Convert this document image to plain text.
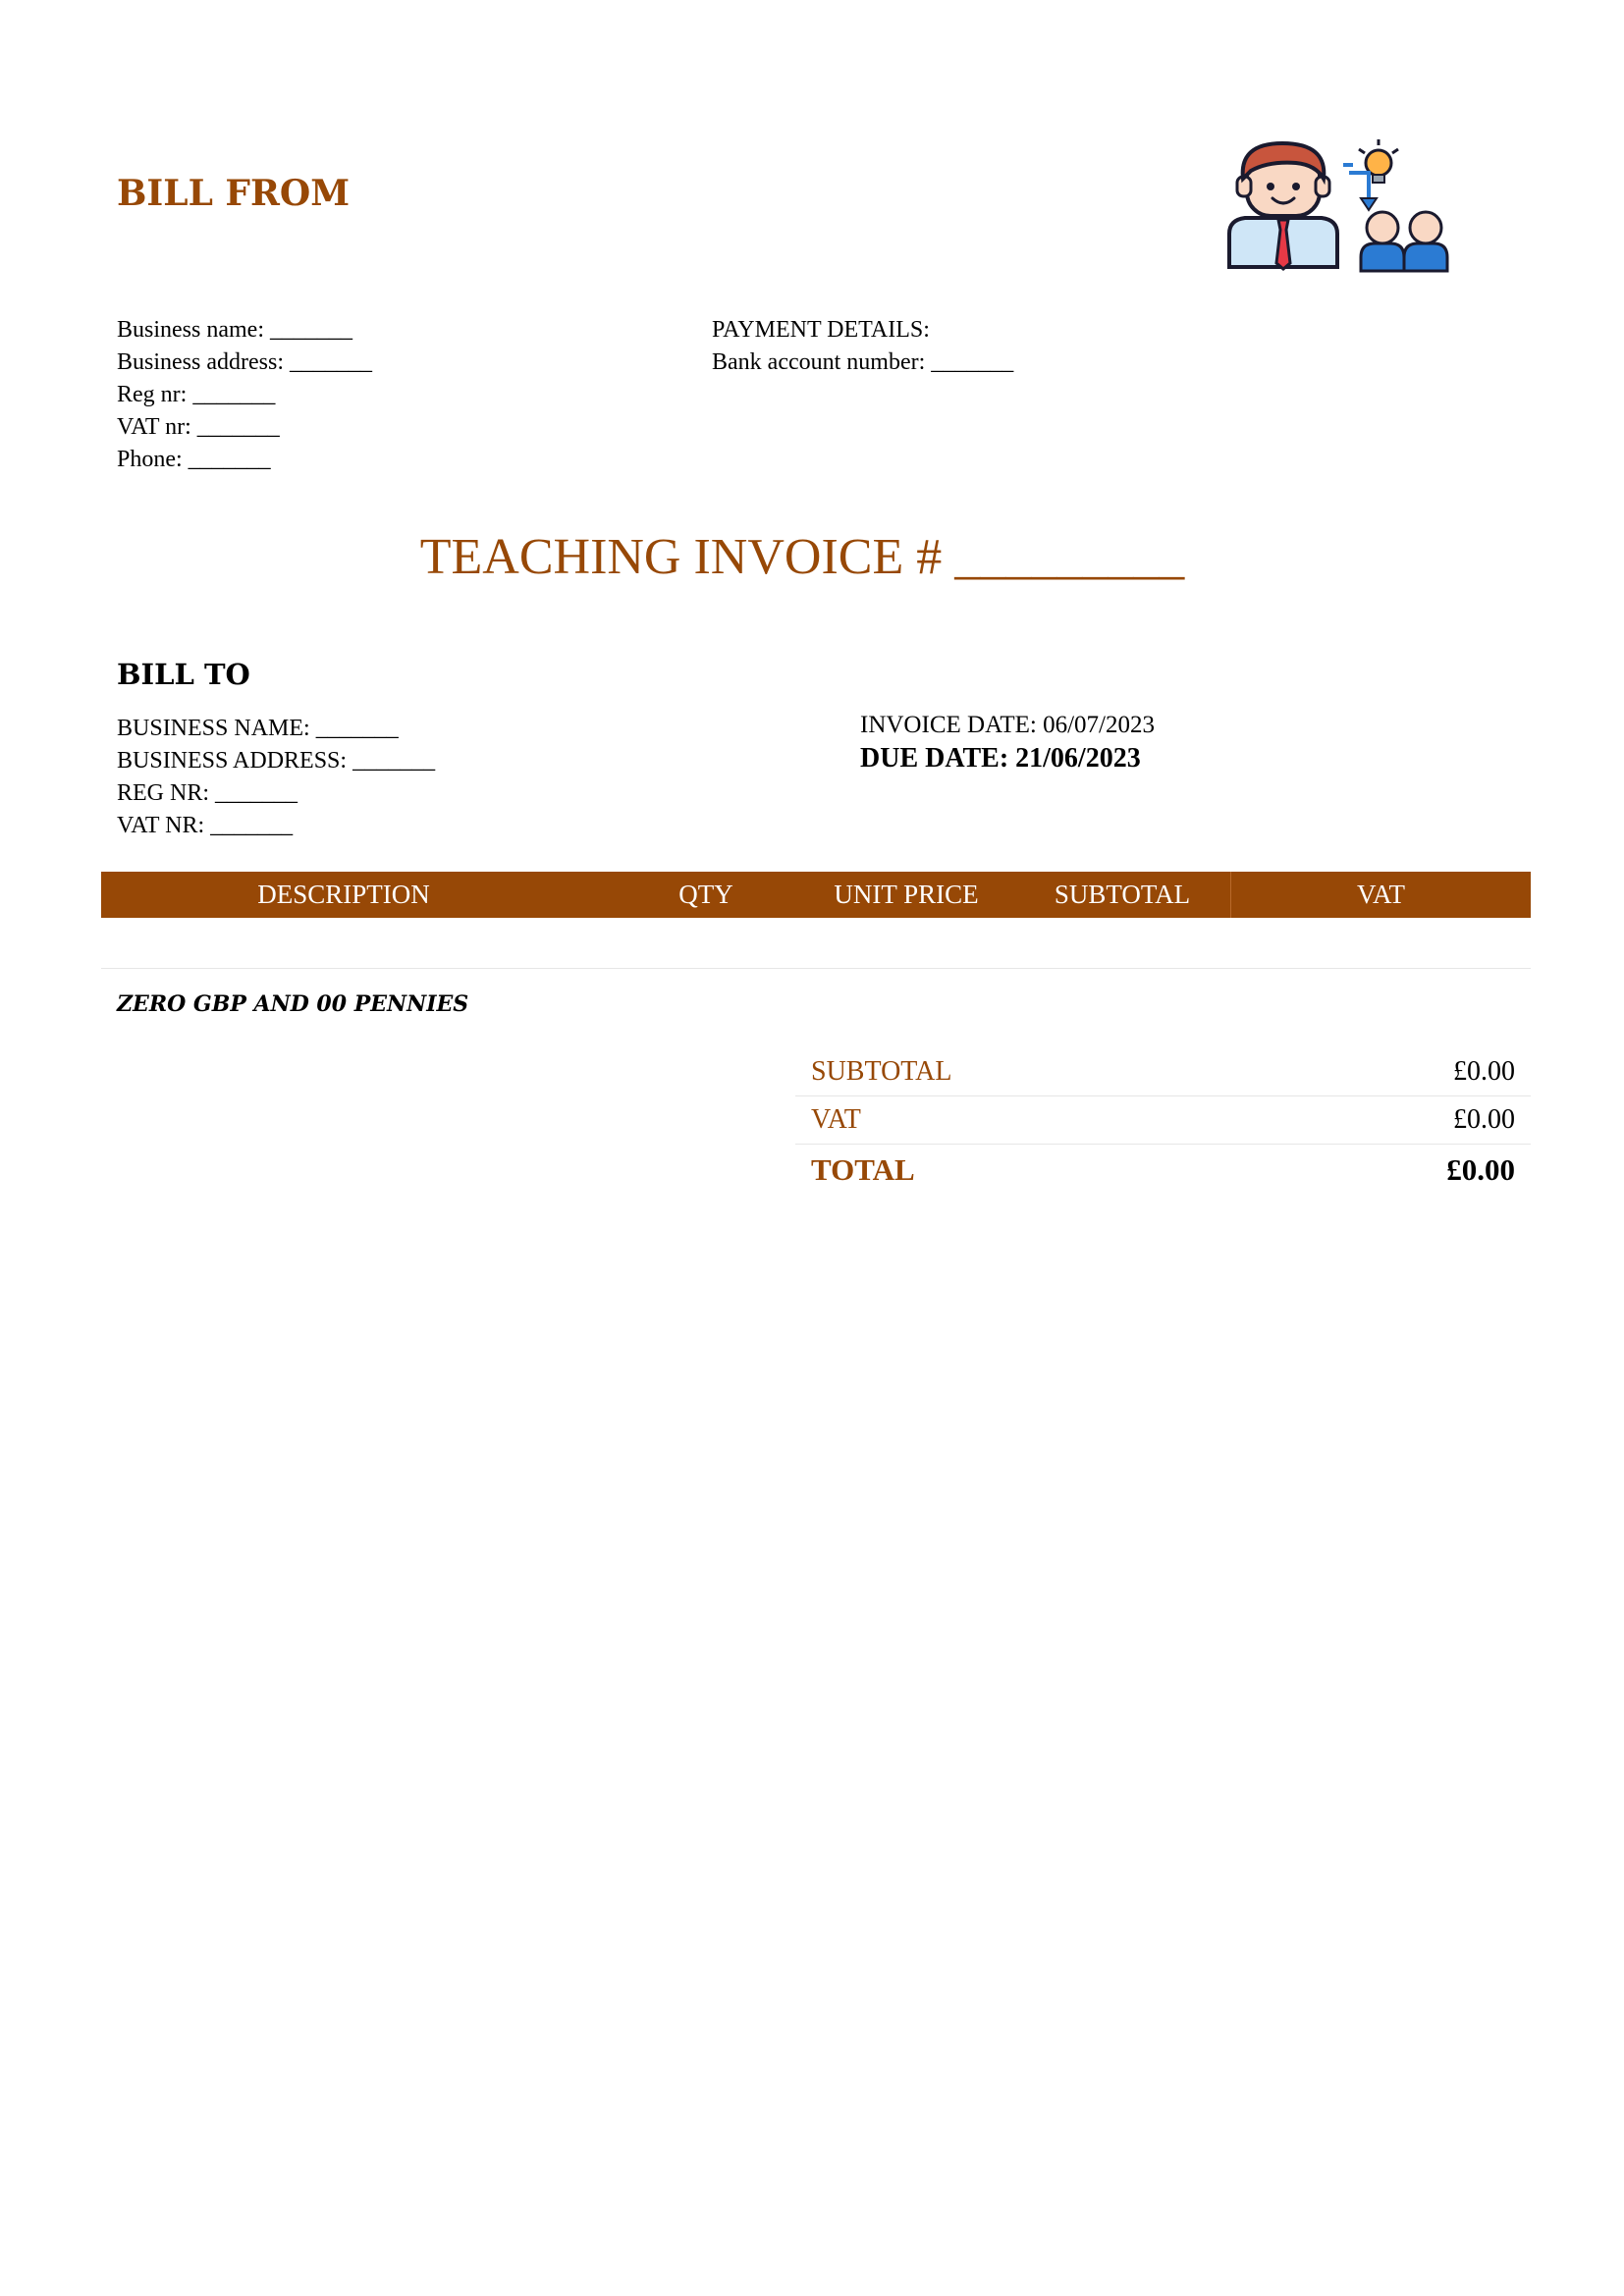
BILL FROM
Business name: _______
Business address: _______
Reg nr: _______
VAT nr: _______
Phone: _______
PAYMENT DETAILS:
Bank account number: _______
TEACHING INVOICE # _________
BILL TO
BUSINESS NAME: _______
BUSINESS ADDRESS: _______
REG NR: _______
VAT NR: _______
INVOICE DATE: 06/07/2023
DUE DATE: 21/06/2023
DESCRIPTION	QTY	UNIT PRICE	SUBTOTAL	VAT
ZERO GBP AND 00 PENNIES
SUBTOTAL	£0.00
VAT	£0.00
TOTAL	£0.00
